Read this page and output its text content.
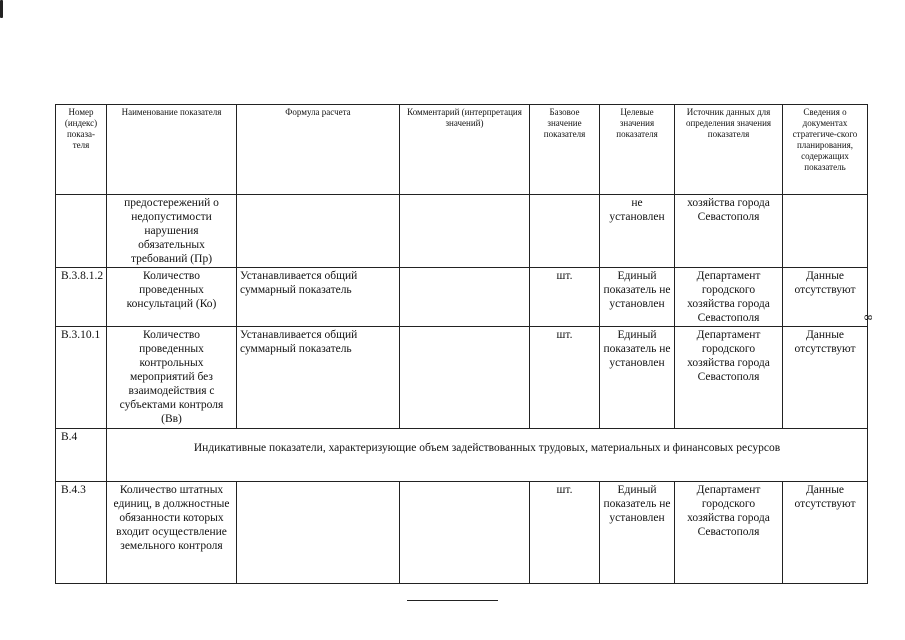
8
Номер (индекс) показа-теля	Наименование показателя	Формула расчета	Комментарий (интерпретация значений)	Базовое значение показателя	Целевые значения показателя	Источник данных для определения значения показателя	Сведения о документах стратегиче-ского планирования, содержащих показатель
	предостережений о недопустимости нарушения обязательных требований (Пр)				не установлен	хозяйства города Севастополя	
В.3.8.1.2	Количество проведенных консультаций (Ко)	Устанавливается общий суммарный показатель		шт.	Единый показатель не установлен	Департамент городского хозяйства города Севастополя	Данные отсутствуют
В.3.10.1	Количество проведенных контрольных мероприятий без взаимодействия с субъектами контроля (Вв)	Устанавливается общий суммарный показатель		шт.	Единый показатель не установлен	Департамент городского хозяйства города Севастополя	Данные отсутствуют
В.4	Индикативные показатели, характеризующие объем задействованных трудовых, материальных и финансовых ресурсов						
В.4.3	Количество штатных единиц, в должностные обязанности которых входит осуществление земельного контроля			шт.	Единый показатель не установлен	Департамент городского хозяйства города Севастополя	Данные отсутствуют
